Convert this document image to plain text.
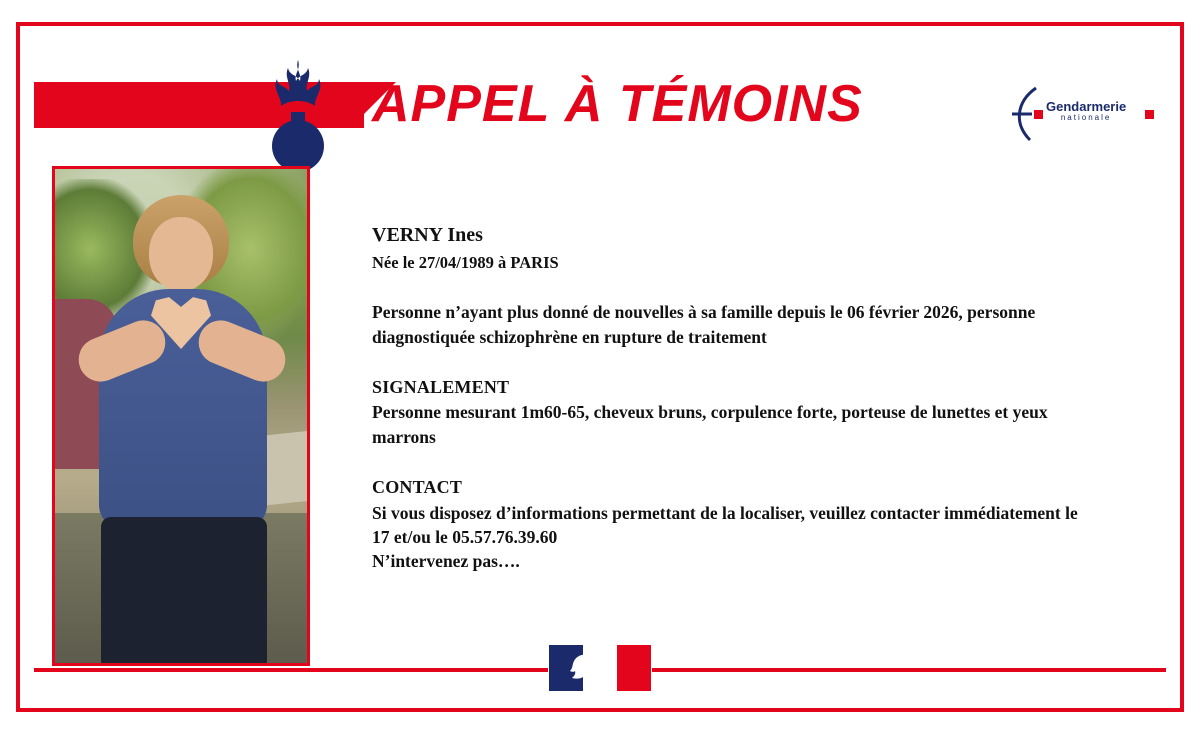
APPEL À TÉMOINS	Gendarmerie
nationale

VERNY Ines

Née le 27/04/1989 à PARIS

Personne n’ayant plus donné de nouvelles à sa famille depuis le 06 février 2026, personne diagnostiquée schizophrène en rupture de traitement

SIGNALEMENT

Personne mesurant 1m60-65, cheveux bruns, corpulence forte, porteuse de lunettes et yeux marrons

CONTACT

Si vous disposez d’informations permettant de la localiser, veuillez contacter immédiatement le

17 et/ou le 05.57.76.39.60

N’intervenez pas….
